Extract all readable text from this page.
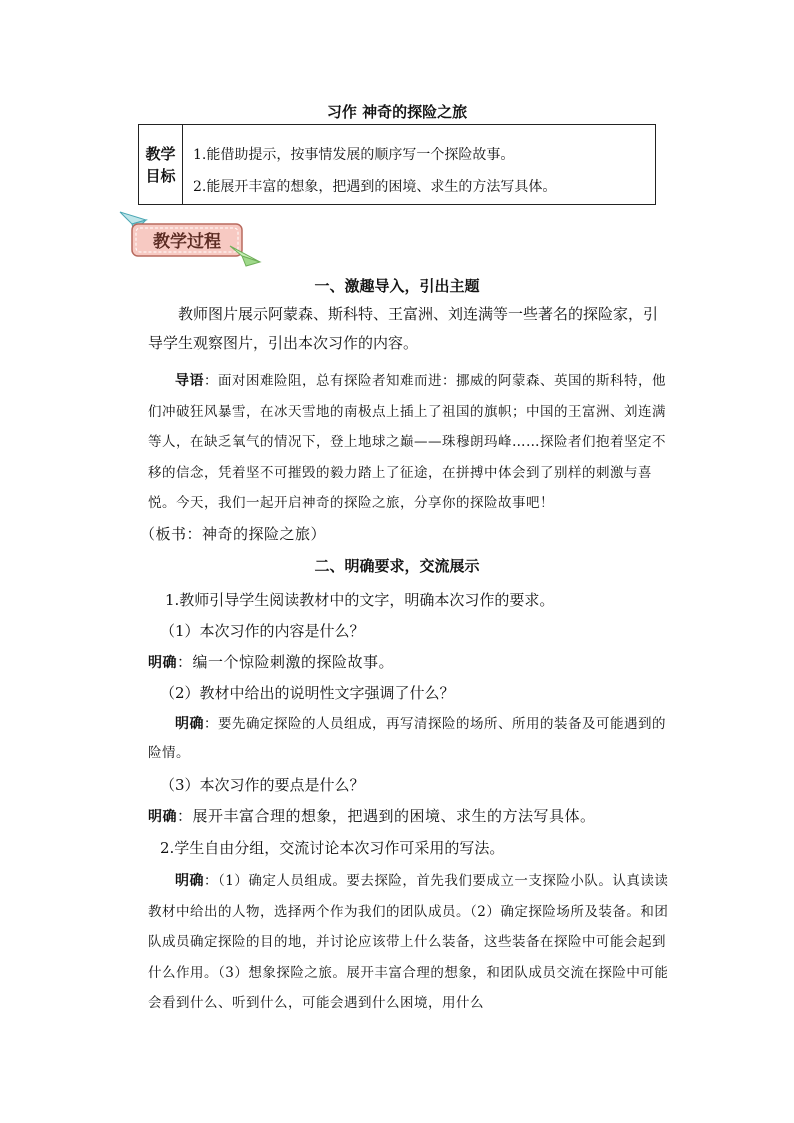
习作 神奇的探险之旅
教学目标
1.能借助提示，按事情发展的顺序写一个探险故事。
2.能展开丰富的想象，把遇到的困境、求生的方法写具体。
教学过程
一、激趣导入，引出主题
教师图片展示阿蒙森、斯科特、王富洲、刘连满等一些著名的探险家，引导学生观察图片，引出本次习作的内容。
导语：面对困难险阻，总有探险者知难而进：挪威的阿蒙森、英国的斯科特，他们冲破狂风暴雪，在冰天雪地的南极点上插上了祖国的旗帜；中国的王富洲、刘连满等人，在缺乏氧气的情况下，登上地球之巅——珠穆朗玛峰……探险者们抱着坚定不移的信念，凭着坚不可摧毁的毅力踏上了征途，在拼搏中体会到了别样的刺激与喜悦。今天，我们一起开启神奇的探险之旅，分享你的探险故事吧！
（板书：神奇的探险之旅）
二、明确要求，交流展示
1.教师引导学生阅读教材中的文字，明确本次习作的要求。
（1）本次习作的内容是什么？
明确：编一个惊险刺激的探险故事。
（2）教材中给出的说明性文字强调了什么？
明确：要先确定探险的人员组成，再写清探险的场所、所用的装备及可能遇到的险情。
（3）本次习作的要点是什么？
明确：展开丰富合理的想象，把遇到的困境、求生的方法写具体。
2.学生自由分组，交流讨论本次习作可采用的写法。
明确：（1）确定人员组成。要去探险，首先我们要成立一支探险小队。认真读读教材中给出的人物，选择两个作为我们的团队成员。（2）确定探险场所及装备。和团队成员确定探险的目的地，并讨论应该带上什么装备，这些装备在探险中可能会起到什么作用。（3）想象探险之旅。展开丰富合理的想象，和团队成员交流在探险中可能会看到什么、听到什么，可能会遇到什么困境，用什么
